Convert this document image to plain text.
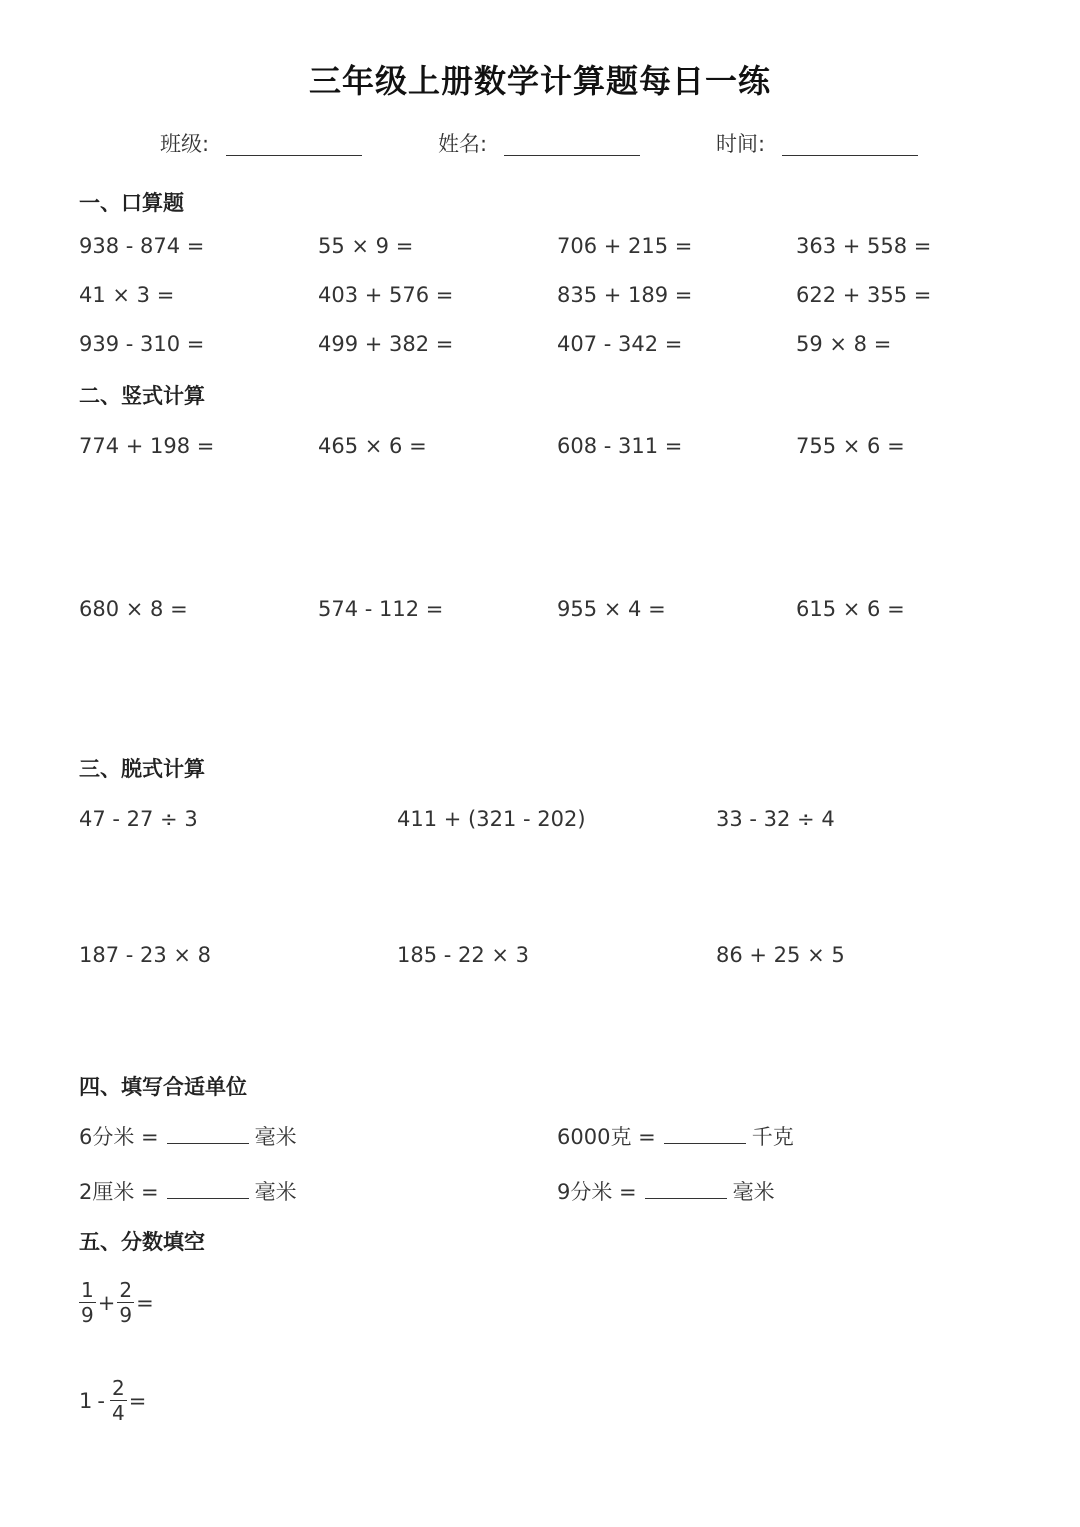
三年级上册数学计算题每日一练
班级:	姓名:	时间:
一、口算题
938 - 874 =	55 × 9 =	706 + 215 =	363 + 558 =
41 × 3 =	403 + 576 =	835 + 189 =	622 + 355 =
939 - 310 =	499 + 382 =	407 - 342 =	59 × 8 =
二、竖式计算
774 + 198 =	465 × 6 =	608 - 311 =	755 × 6 =
680 × 8 =	574 - 112 =	955 × 4 =	615 × 6 =
三、脱式计算
47 - 27 ÷ 3	411 + (321 - 202)	33 - 32 ÷ 4
187 - 23 × 8	185 - 22 × 3	86 + 25 × 5
四、填写合适单位
6分米 =	毫米	6000克 =	千克
2厘米 =	毫米	9分米 =	毫米
五、分数填空
$\frac{1}{9} + \frac{2}{9}$ =
$1 - \frac{2}{4}$ =
